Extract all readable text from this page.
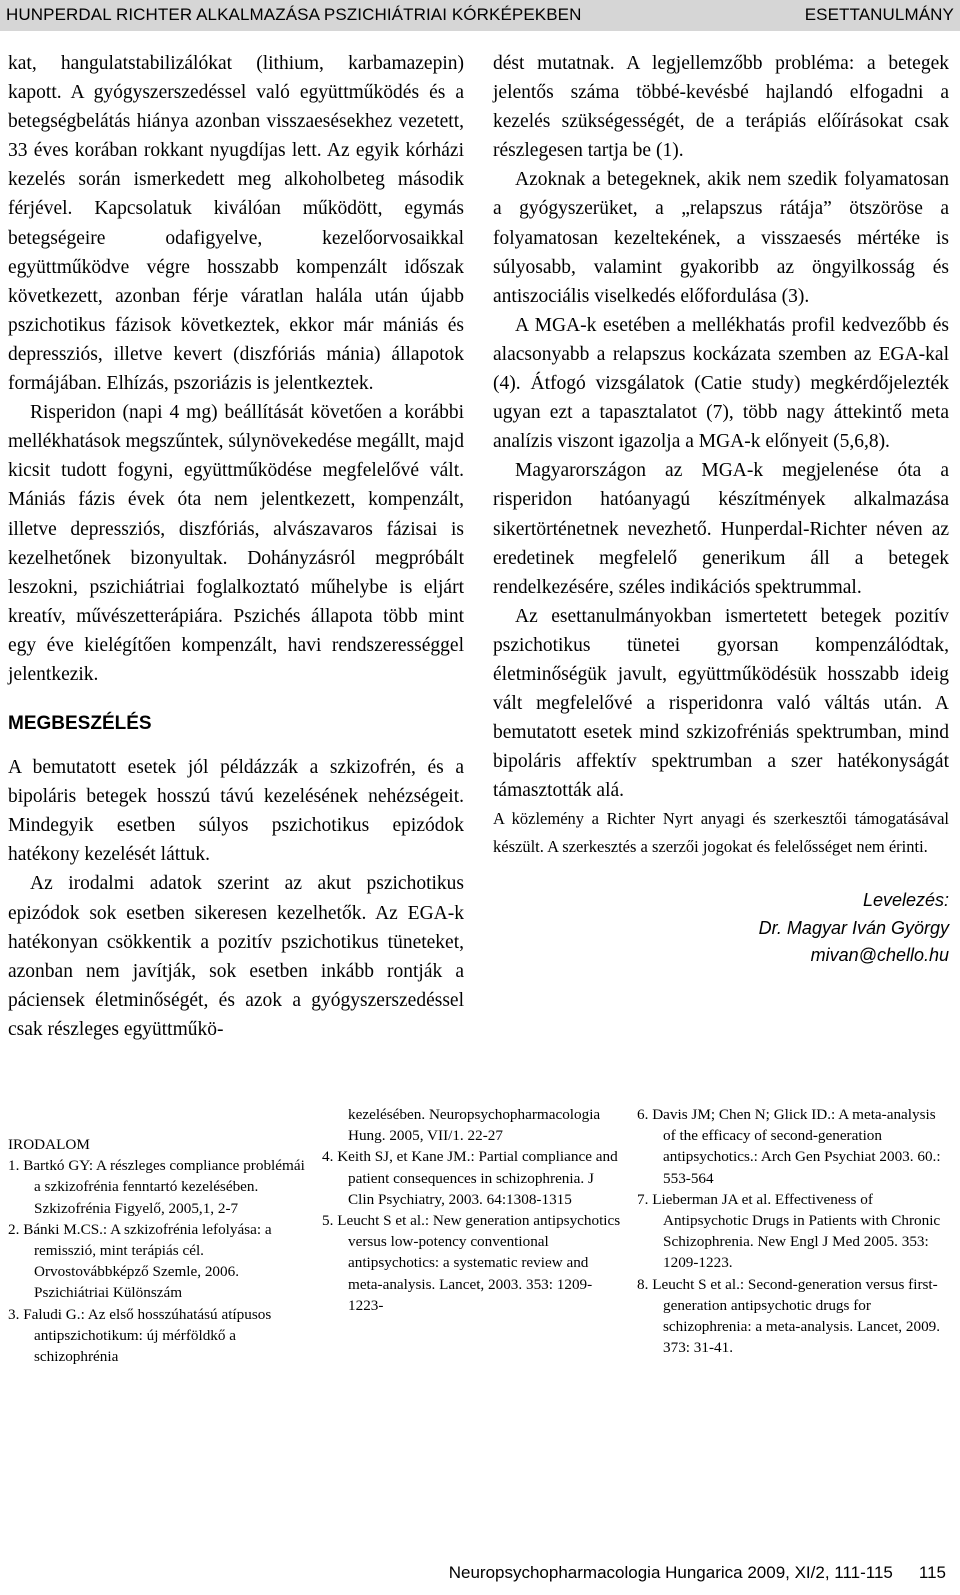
HUNPERDAL RICHTER ALKALMAZÁSA PSZICHIÁTRIAI KÓRKÉPEKBEN	ESETTANULMÁNY

kat, hangulatstabilizálókat (lithium, karbamazepin) kapott. A gyógyszerszedéssel való együttműködés és a betegségbelátás hiánya azonban visszaesésekhez vezetett, 33 éves korában rokkant nyugdíjas lett. Az egyik kórházi kezelés során ismerkedett meg alkoholbeteg második férjével. Kapcsolatuk kiválóan működött, egymás betegségeire odafigyelve, kezelőorvosaikkal együttműködve végre hosszabb kompenzált időszak következett, azonban férje váratlan halála után újabb pszichotikus fázisok következtek, ekkor már mániás és depressziós, illetve kevert (diszfóriás mánia) állapotok formájában. Elhízás, pszoriázis is jelentkeztek.

Risperidon (napi 4 mg) beállítását követően a korábbi mellékhatások megszűntek, súlynövekedése megállt, majd kicsit tudott fogyni, együttműködése megfelelővé vált. Mániás fázis évek óta nem jelentkezett, kompenzált, illetve depressziós, diszfóriás, alvászavaros fázisai is kezelhetőnek bizonyultak. Dohányzásról megpróbált leszokni, pszichiátriai foglalkoztató műhelybe is eljárt kreatív, művészetterápiára. Pszichés állapota több mint egy éve kielégítően kompenzált, havi rendszerességgel jelentkezik.

MEGBESZÉLÉS

A bemutatott esetek jól példázzák a szkizofrén, és a bipoláris betegek hosszú távú kezelésének nehézségeit. Mindegyik esetben súlyos pszichotikus epizódok hatékony kezelését láttuk.

Az irodalmi adatok szerint az akut pszichotikus epizódok sok esetben sikeresen kezelhetők. Az EGA-k hatékonyan csökkentik a pozitív pszichotikus tüneteket, azonban nem javítják, sok esetben inkább rontják a páciensek életminőségét, és azok a gyógyszerszedéssel csak részleges együttműkö-

dést mutatnak. A legjellemzőbb probléma: a betegek jelentős száma többé-kevésbé hajlandó elfogadni a kezelés szükségességét, de a terápiás előírásokat csak részlegesen tartja be (1).

Azoknak a betegeknek, akik nem szedik folyamatosan a gyógyszerüket, a „relapszus rátája” ötszöröse a folyamatosan kezeltekének, a visszaesés mértéke is súlyosabb, valamint gyakoribb az öngyilkosság és antiszociális viselkedés előfordulása (3).

A MGA-k esetében a mellékhatás profil kedvezőbb és alacsonyabb a relapszus kockázata szemben az EGA-kal (4). Átfogó vizsgálatok (Catie study) megkérdőjelezték ugyan ezt a tapasztalatot (7), több nagy áttekintő meta analízis viszont igazolja a MGA-k előnyeit (5,6,8).

Magyarországon az MGA-k megjelenése óta a risperidon hatóanyagú készítmények alkalmazása sikertörténetnek nevezhető. Hunperdal-Richter néven az eredetinek megfelelő generikum áll a betegek rendelkezésére, széles indikációs spektrummal.

Az esettanulmányokban ismertetett betegek pozitív pszichotikus tünetei gyorsan kompenzálódtak, életminőségük javult, együttműködésük hosszabb ideig vált megfelelővé a risperidonra való váltás után. A bemutatott esetek mind szkizofréniás spektrumban, mind bipoláris affektív spektrumban a szer hatékonyságát támasztották alá.

A közlemény a Richter Nyrt anyagi és szerkesztői támogatásával készült. A szerkesztés a szerzői jogokat és felelősséget nem érinti.

Levelezés:
Dr. Magyar Iván György
mivan@chello.hu
IRODALOM
1. Bartkó GY: A részleges compliance problémái a szkizofrénia fenntartó kezelésében. Szkizofrénia Figyelő, 2005,1, 2-7
2. Bánki M.CS.: A szkizofrénia lefolyása: a remisszió, mint terápiás cél. Orvostovábbképző Szemle, 2006. Pszichiátriai Különszám
3. Faludi G.: Az első hosszúhatású atípusos antipszichotikum: új mérföldkő a schizophrénia
kezelésében. Neuropsychopharmacologia Hung. 2005, VII/1. 22-27
4. Keith SJ, et Kane JM.: Partial compliance and patient consequences in schizophrenia. J Clin Psychiatry, 2003. 64:1308-1315
5. Leucht S et al.: New generation antipsychotics versus low-potency conventional antipsychotics: a systematic review and meta-analysis. Lancet, 2003. 353: 1209-1223-
6. Davis JM; Chen N; Glick ID.: A meta-analysis of the efficacy of second-generation antipsychotics.: Arch Gen Psychiat 2003. 60.: 553-564
7. Lieberman JA et al. Effectiveness of Antipsychotic Drugs in Patients with Chronic Schizophrenia. New Engl J Med 2005. 353: 1209-1223.
8. Leucht S et al.: Second-generation versus first-generation antipsychotic drugs for schizophrenia: a meta-analysis. Lancet, 2009. 373: 31-41.
Neuropsychopharmacologia Hungarica 2009, XI/2, 111-115 115
